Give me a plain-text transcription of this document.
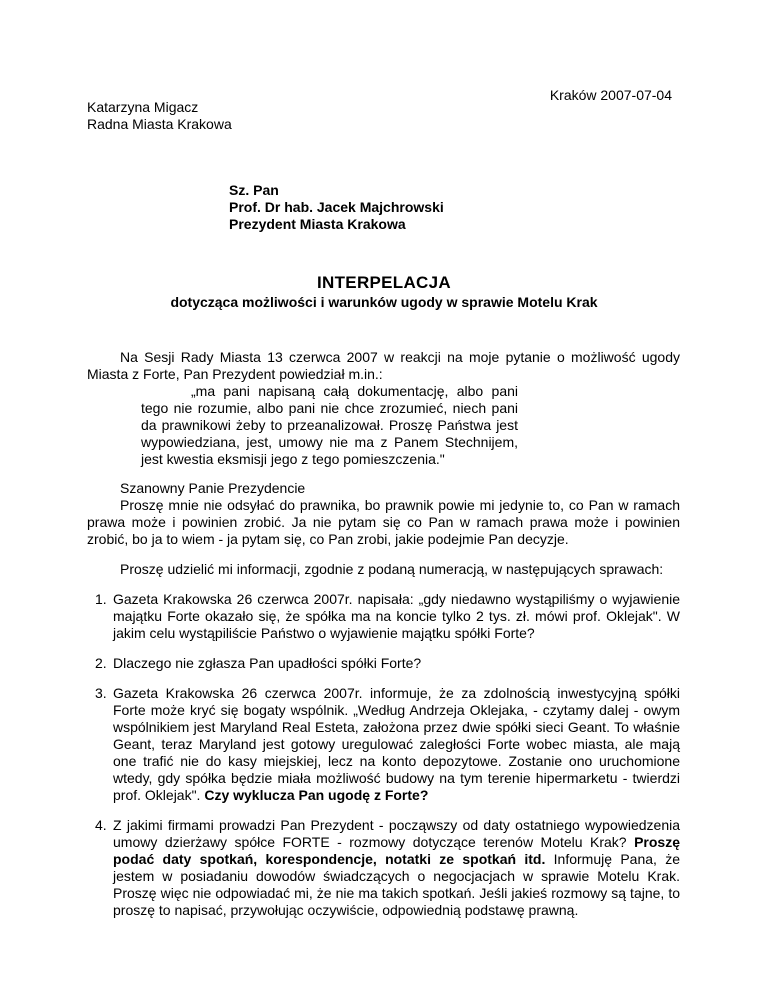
Kraków 2007-07-04
Katarzyna Migacz
Radna Miasta Krakowa
Sz. Pan
Prof. Dr hab. Jacek Majchrowski
Prezydent Miasta Krakowa
INTERPELACJA
dotycząca możliwości i warunków ugody w sprawie Motelu Krak

Na Sesji Rady Miasta 13 czerwca 2007 w reakcji na moje pytanie o możliwość ugody Miasta z Forte, Pan Prezydent powiedział m.in.:

„ma pani napisaną całą dokumentację, albo pani tego nie rozumie, albo pani nie chce zrozumieć, niech pani da prawnikowi żeby to przeanalizował. Proszę Państwa jest wypowiedziana, jest, umowy nie ma z Panem Stechnijem, jest kwestia eksmisji jego z tego pomieszczenia."

Szanowny Panie Prezydencie

Proszę mnie nie odsyłać do prawnika, bo prawnik powie mi jedynie to, co Pan w ramach prawa może i powinien zrobić. Ja nie pytam się co Pan w ramach prawa może i powinien zrobić, bo ja to wiem - ja pytam się, co Pan zrobi, jakie podejmie Pan decyzje.

Proszę udzielić mi informacji, zgodnie z podaną numeracją, w następujących sprawach:

1. Gazeta Krakowska 26 czerwca 2007r. napisała: „gdy niedawno wystąpiliśmy o wyjawienie majątku Forte okazało się, że spółka ma na koncie tylko 2 tys. zł. mówi prof. Oklejak". W jakim celu wystąpiliście Państwo o wyjawienie majątku spółki Forte?
2. Dlaczego nie zgłasza Pan upadłości spółki Forte?
3. Gazeta Krakowska 26 czerwca 2007r. informuje, że za zdolnością inwestycyjną spółki Forte może kryć się bogaty wspólnik. „Według Andrzeja Oklejaka, - czytamy dalej - owym wspólnikiem jest Maryland Real Esteta, założona przez dwie spółki sieci Geant. To właśnie Geant, teraz Maryland jest gotowy uregulować zaległości Forte wobec miasta, ale mają one trafić nie do kasy miejskiej, lecz na konto depozytowe. Zostanie ono uruchomione wtedy, gdy spółka będzie miała możliwość budowy na tym terenie hipermarketu - twierdzi prof. Oklejak". Czy wyklucza Pan ugodę z Forte?
4. Z jakimi firmami prowadzi Pan Prezydent - począwszy od daty ostatniego wypowiedzenia umowy dzierżawy spółce FORTE - rozmowy dotyczące terenów Motelu Krak? Proszę podać daty spotkań, korespondencje, notatki ze spotkań itd. Informuję Pana, że jestem w posiadaniu dowodów świadczących o negocjacjach w sprawie Motelu Krak. Proszę więc nie odpowiadać mi, że nie ma takich spotkań. Jeśli jakieś rozmowy są tajne, to proszę to napisać, przywołując oczywiście, odpowiednią podstawę prawną.
